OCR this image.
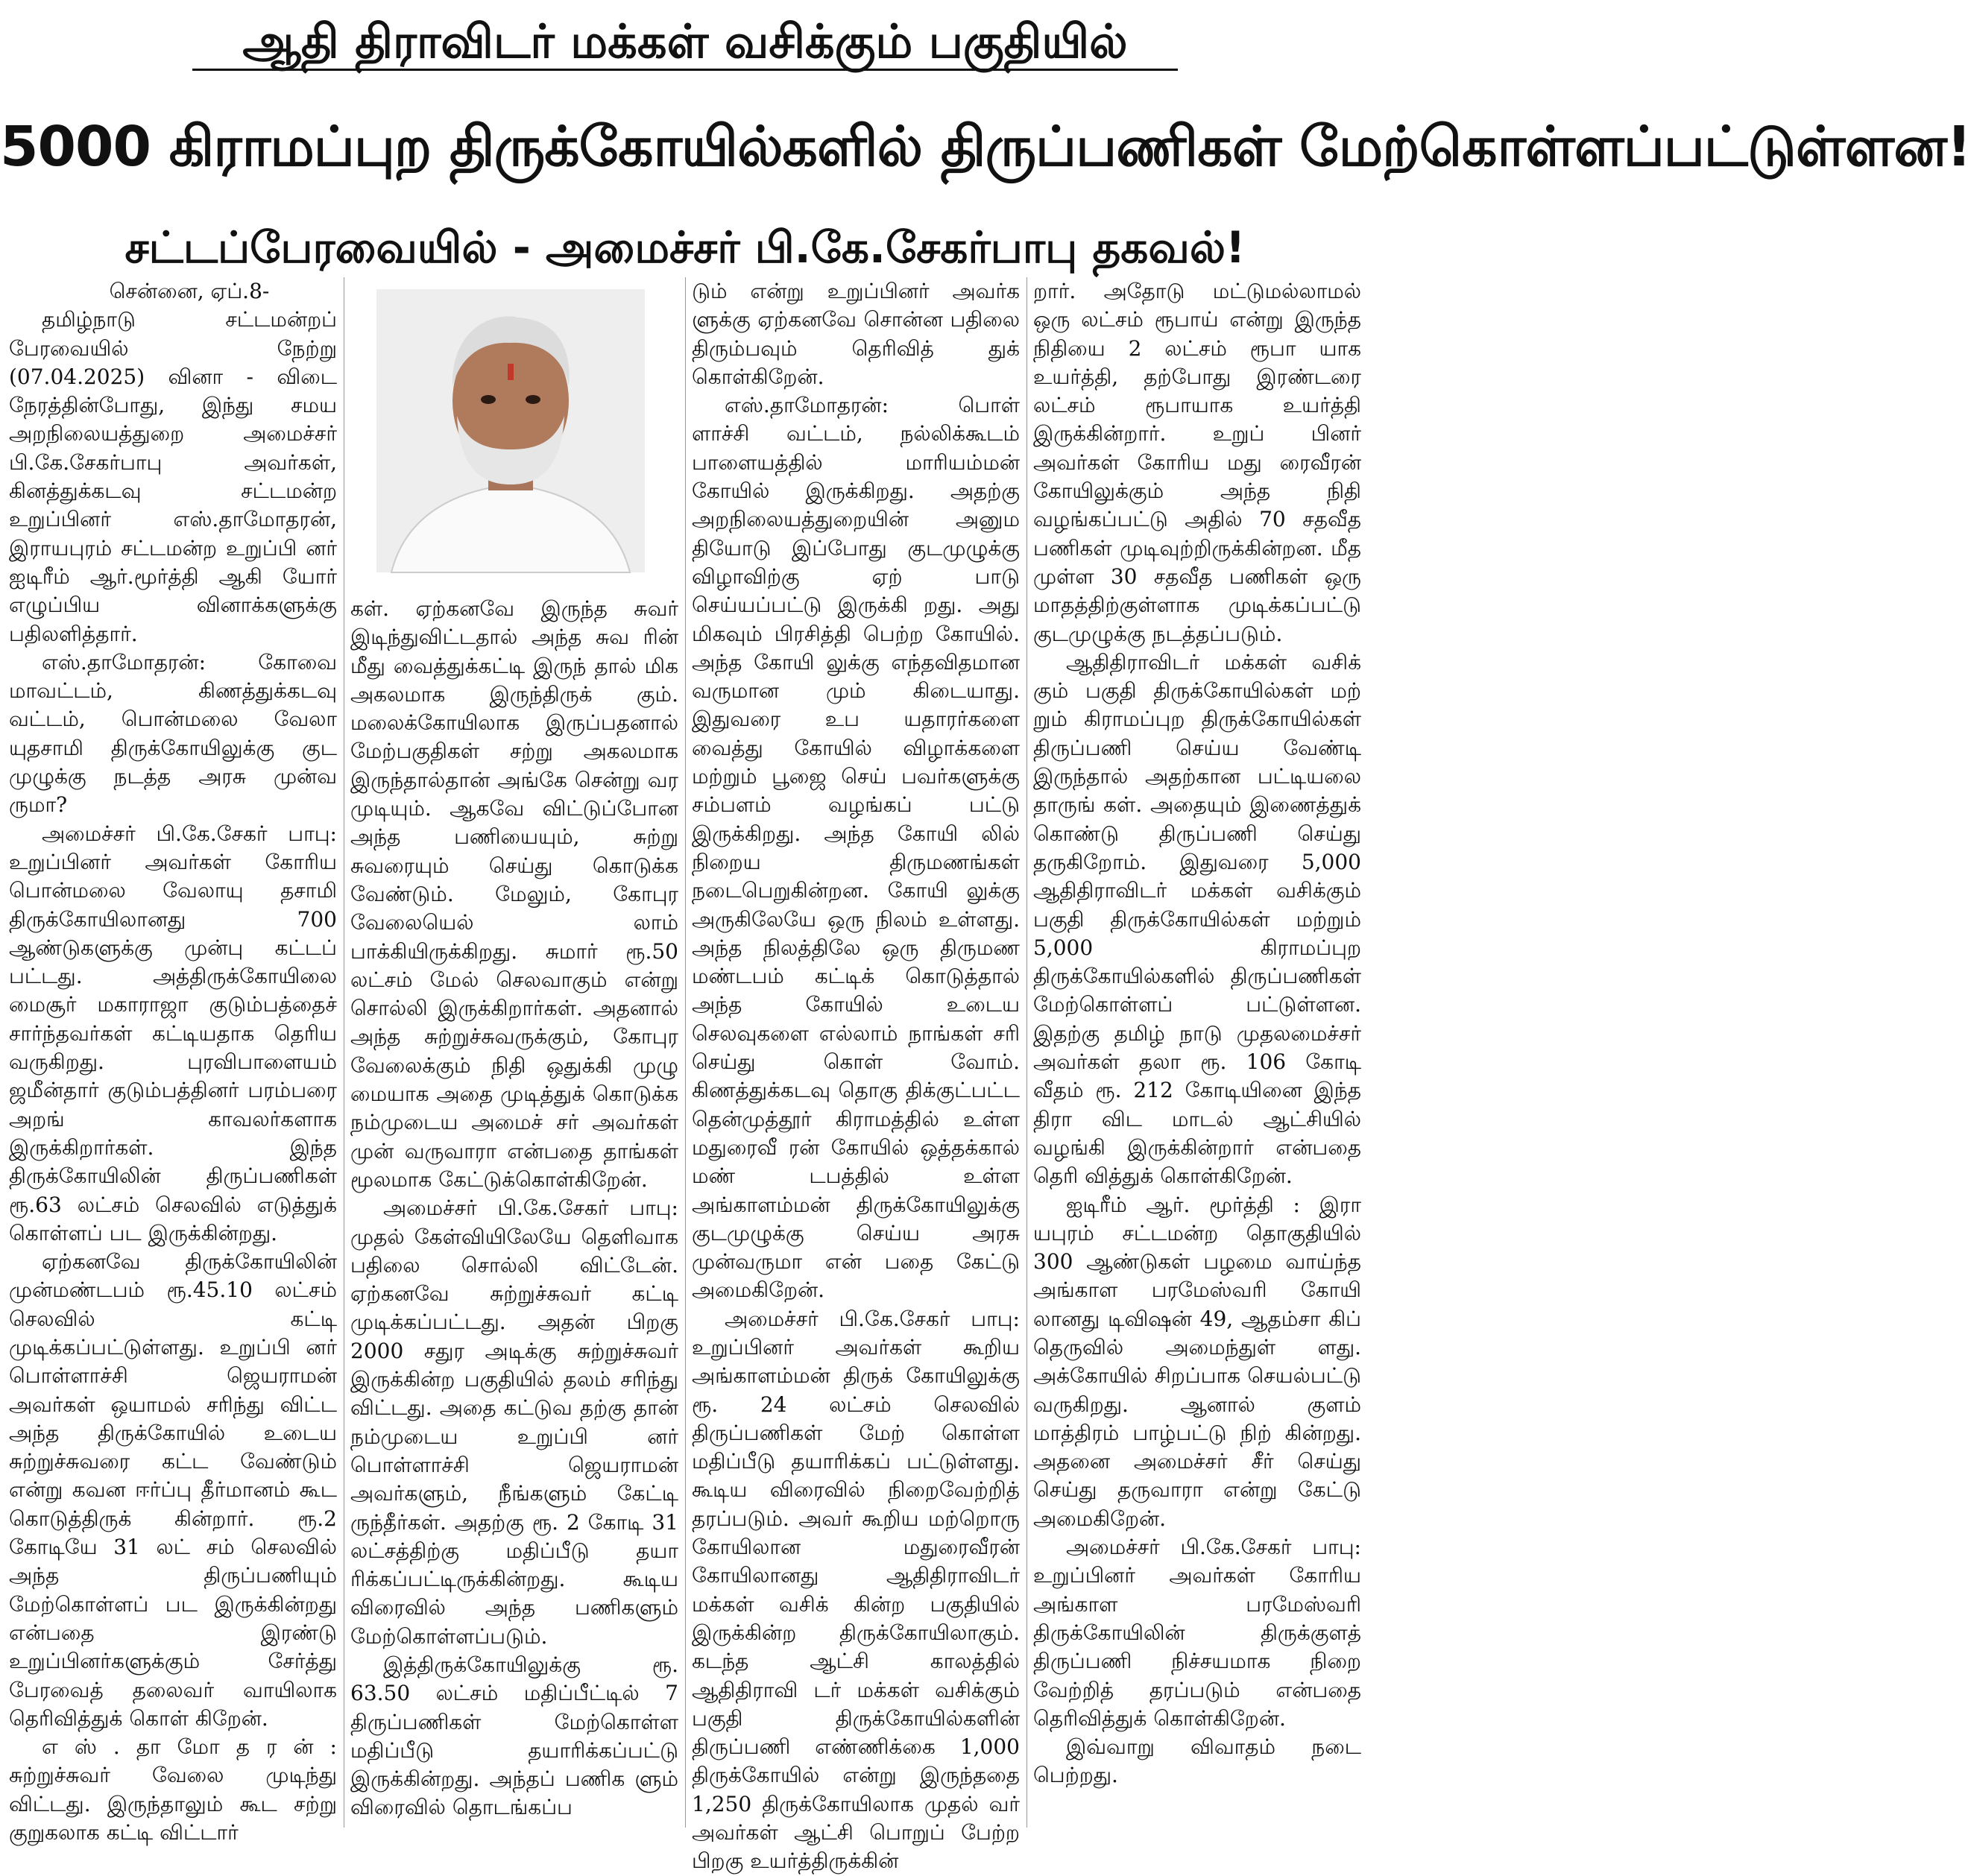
ஆதி திராவிடர் மக்கள் வசிக்கும் பகுதியில்
5000 கிராமப்புற திருக்கோயில்களில் திருப்பணிகள் மேற்கொள்ளப்பட்டுள்ளன!
சட்டப்பேரவையில் - அமைச்சர் பி.கே.சேகர்பாபு தகவல்!

சென்னை, ஏப்.8-

தமிழ்நாடு சட்டமன்றப் பேரவையில் நேற்று (07.04.2025) வினா - விடை நேரத்தின்போது, இந்து சமய அறநிலையத்துறை அமைச்சர் பி.கே.சேகர்பாபு அவர்கள், கினத்துக்கடவு சட்டமன்ற உறுப்பினர் எஸ்.தாமோதரன், இராயபுரம் சட்டமன்ற உறுப்பி னர் ஐடிரீம் ஆர்.மூர்த்தி ஆகி யோர் எழுப்பிய வினாக்களுக்கு பதிலளித்தார்.

எஸ்.தாமோதரன்: கோவை மாவட்டம், கிணத்துக்கடவு வட்டம், பொன்மலை வேலா யுதசாமி திருக்கோயிலுக்கு குட முழுக்கு நடத்த அரசு முன்வ ருமா?

அமைச்சர் பி.கே.சேகர் பாபு: உறுப்பினர் அவர்கள் கோரிய பொன்மலை வேலாயு தசாமி திருக்கோயிலானது 700 ஆண்டுகளுக்கு முன்பு கட்டப் பட்டது. அத்திருக்கோயிலை மைசூர் மகாராஜா குடும்பத்தைச் சார்ந்தவர்கள் கட்டியதாக தெரிய வருகிறது. புரவிபாளையம் ஜமீன்தார் குடும்பத்தினர் பரம்பரை அறங் காவலர்களாக இருக்கிறார்கள். இந்த திருக்கோயிலின் திருப்பணிகள் ரூ.63 லட்சம் செலவில் எடுத்துக் கொள்ளப் பட இருக்கின்றது.

ஏற்கனவே திருக்கோயிலின் முன்மண்டபம் ரூ.45.10 லட்சம் செலவில் கட்டி முடிக்கப்பட்டுள்ளது. உறுப்பி னர் பொள்ளாச்சி ஜெயராமன் அவர்கள் ஒயாமல் சரிந்து விட்ட அந்த திருக்கோயில் உடைய சுற்றுச்சுவரை கட்ட வேண்டும் என்று கவன ஈர்ப்பு தீர்மானம் கூட கொடுத்திருக் கின்றார். ரூ.2 கோடியே 31 லட் சம் செலவில் அந்த திருப்பணியும் மேற்கொள்ளப் பட இருக்கின்றது என்பதை இரண்டு உறுப்பினர்களுக்கும் சேர்த்து பேரவைத் தலைவர் வாயிலாக தெரிவித்துக் கொள் கிறேன்.

எ ஸ் . தா மோ த ர ன் : சுற்றுச்சுவர் வேலை முடிந்து விட்டது. இருந்தாலும் கூட சற்று குறுகலாக கட்டி விட்டார்

கள். ஏற்கனவே இருந்த சுவர் இடிந்துவிட்டதால் அந்த சுவ ரின் மீது வைத்துக்கட்டி இருந் தால் மிக அகலமாக இருந்திருக் கும். மலைக்கோயிலாக இருப்பதனால் மேற்பகுதிகள் சற்று அகலமாக இருந்தால்தான் அங்கே சென்று வர முடியும். ஆகவே விட்டுப்போன அந்த பணியையும், சுற்று சுவரையும் செய்து கொடுக்க வேண்டும். மேலும், கோபுர வேலையெல் லாம் பாக்கியிருக்கிறது. சுமார் ரூ.50 லட்சம் மேல் செலவாகும் என்று சொல்லி இருக்கிறார்கள். அதனால் அந்த சுற்றுச்சுவருக்கும், கோபுர வேலைக்கும் நிதி ஒதுக்கி முழு மையாக அதை முடித்துக் கொடுக்க நம்முடைய அமைச் சர் அவர்கள் முன் வருவாரா என்பதை தாங்கள் மூலமாக கேட்டுக்கொள்கிறேன்.

அமைச்சர் பி.கே.சேகர் பாபு: முதல் கேள்வியிலேயே தெளிவாக பதிலை சொல்லி விட்டேன். ஏற்கனவே சுற்றுச்சுவர் கட்டி முடிக்கப்பட்டது. அதன் பிறகு 2000 சதுர அடிக்கு சுற்றுச்சுவர் இருக்கின்ற பகுதியில் தலம் சரிந்து விட்டது. அதை கட்டுவ தற்கு தான் நம்முடைய உறுப்பி னர் பொள்ளாச்சி ஜெயராமன் அவர்களும், நீங்களும் கேட்டி ருந்தீர்கள். அதற்கு ரூ. 2 கோடி 31 லட்சத்திற்கு மதிப்பீடு தயா ரிக்கப்பட்டிருக்கின்றது. கூடிய விரைவில் அந்த பணிகளும் மேற்கொள்ளப்படும்.

இத்திருக்கோயிலுக்கு ரூ. 63.50 லட்சம் மதிப்பீட்டில் 7 திருப்பணிகள் மேற்கொள்ள மதிப்பீடு தயாரிக்கப்பட்டு இருக்கின்றது. அந்தப் பணிக ளும் விரைவில் தொடங்கப்ப

டும் என்று உறுப்பினர் அவர்க ளுக்கு ஏற்கனவே சொன்ன பதிலை திரும்பவும் தெரிவித் துக் கொள்கிறேன்.

எஸ்.தாமோதரன்: பொள் ளாச்சி வட்டம், நல்லிக்கூடம் பாளையத்தில் மாரியம்மன் கோயில் இருக்கிறது. அதற்கு அறநிலையத்துறையின் அனும தியோடு இப்போது குடமுழுக்கு விழாவிற்கு ஏற் பாடு செய்யப்பட்டு இருக்கி றது. அது மிகவும் பிரசித்தி பெற்ற கோயில். அந்த கோயி லுக்கு எந்தவிதமான வருமான மும் கிடையாது. இதுவரை உப யதாரர்களை வைத்து கோயில் விழாக்களை மற்றும் பூஜை செய் பவர்களுக்கு சம்பளம் வழங்கப் பட்டு இருக்கிறது. அந்த கோயி லில் நிறைய திருமணங்கள் நடைபெறுகின்றன. கோயி லுக்கு அருகிலேயே ஒரு நிலம் உள்ளது. அந்த நிலத்திலே ஒரு திருமண மண்டபம் கட்டிக் கொடுத்தால் அந்த கோயில் உடைய செலவுகளை எல்லாம் நாங்கள் சரி செய்து கொள் வோம். கிணத்துக்கடவு தொகு திக்குட்பட்ட தென்முத்தூர் கிராமத்தில் உள்ள மதுரைவீ ரன் கோயில் ஒத்தக்கால் மண் டபத்தில் உள்ள அங்காளம்மன் திருக்கோயிலுக்கு குடமுழுக்கு செய்ய அரசு முன்வருமா என் பதை கேட்டு அமைகிறேன்.

அமைச்சர் பி.கே.சேகர் பாபு: உறுப்பினர் அவர்கள் கூறிய அங்காளம்மன் திருக் கோயிலுக்கு ரூ. 24 லட்சம் செலவில் திருப்பணிகள் மேற் கொள்ள மதிப்பீடு தயாரிக்கப் பட்டுள்ளது. கூடிய விரைவில் நிறைவேற்றித் தரப்படும். அவர் கூறிய மற்றொரு கோயிலான மதுரைவீரன் கோயிலானது ஆதிதிராவிடர் மக்கள் வசிக் கின்ற பகுதியில் இருக்கின்ற திருக்கோயிலாகும். கடந்த ஆட்சி காலத்தில் ஆதிதிராவி டர் மக்கள் வசிக்கும் பகுதி திருக்கோயில்களின் திருப்பணி எண்ணிக்கை 1,000 திருக்கோயில் என்று இருந்ததை 1,250 திருக்கோயிலாக முதல் வர் அவர்கள் ஆட்சி பொறுப் பேற்ற பிறகு உயர்த்திருக்கின்

றார். அதோடு மட்டுமல்லாமல் ஒரு லட்சம் ரூபாய் என்று இருந்த நிதியை 2 லட்சம் ரூபா யாக உயர்த்தி, தற்போது இரண்டரை லட்சம் ரூபாயாக உயர்த்தி இருக்கின்றார். உறுப் பினர் அவர்கள் கோரிய மது ரைவீரன் கோயிலுக்கும் அந்த நிதி வழங்கப்பட்டு அதில் 70 சதவீத பணிகள் முடிவுற்றிருக்கின்றன. மீத முள்ள 30 சதவீத பணிகள் ஒரு மாதத்திற்குள்ளாக முடிக்கப்பட்டு குடமுழுக்கு நடத்தப்படும்.

ஆதிதிராவிடர் மக்கள் வசிக் கும் பகுதி திருக்கோயில்கள் மற் றும் கிராமப்புற திருக்கோயில்கள் திருப்பணி செய்ய வேண்டி இருந்தால் அதற்கான பட்டியலை தாருங் கள். அதையும் இணைத்துக் கொண்டு திருப்பணி செய்து தருகிறோம். இதுவரை 5,000 ஆதிதிராவிடர் மக்கள் வசிக்கும் பகுதி திருக்கோயில்கள் மற்றும் 5,000 கிராமப்புற திருக்கோயில்களில் திருப்பணிகள் மேற்கொள்ளப் பட்டுள்ளன. இதற்கு தமிழ் நாடு முதலமைச்சர் அவர்கள் தலா ரூ. 106 கோடி வீதம் ரூ. 212 கோடியினை இந்த திரா விட மாடல் ஆட்சியில் வழங்கி இருக்கின்றார் என்பதை தெரி வித்துக் கொள்கிறேன்.

ஐடிரீம் ஆர். மூர்த்தி : இரா யபுரம் சட்டமன்ற தொகுதியில் 300 ஆண்டுகள் பழமை வாய்ந்த அங்காள பரமேஸ்வரி கோயி லானது டிவிஷன் 49, ஆதம்சா கிப் தெருவில் அமைந்துள் ளது. அக்கோயில் சிறப்பாக செயல்பட்டு வருகிறது. ஆனால் குளம் மாத்திரம் பாழ்பட்டு நிற் கின்றது. அதனை அமைச்சர் சீர் செய்து செய்து தருவாரா என்று கேட்டு அமைகிறேன்.

அமைச்சர் பி.கே.சேகர் பாபு: உறுப்பினர் அவர்கள் கோரிய அங்காள பரமேஸ்வரி திருக்கோயிலின் திருக்குளத் திருப்பணி நிச்சயமாக நிறை வேற்றித் தரப்படும் என்பதை தெரிவித்துக் கொள்கிறேன்.

இவ்வாறு விவாதம் நடை பெற்றது.
